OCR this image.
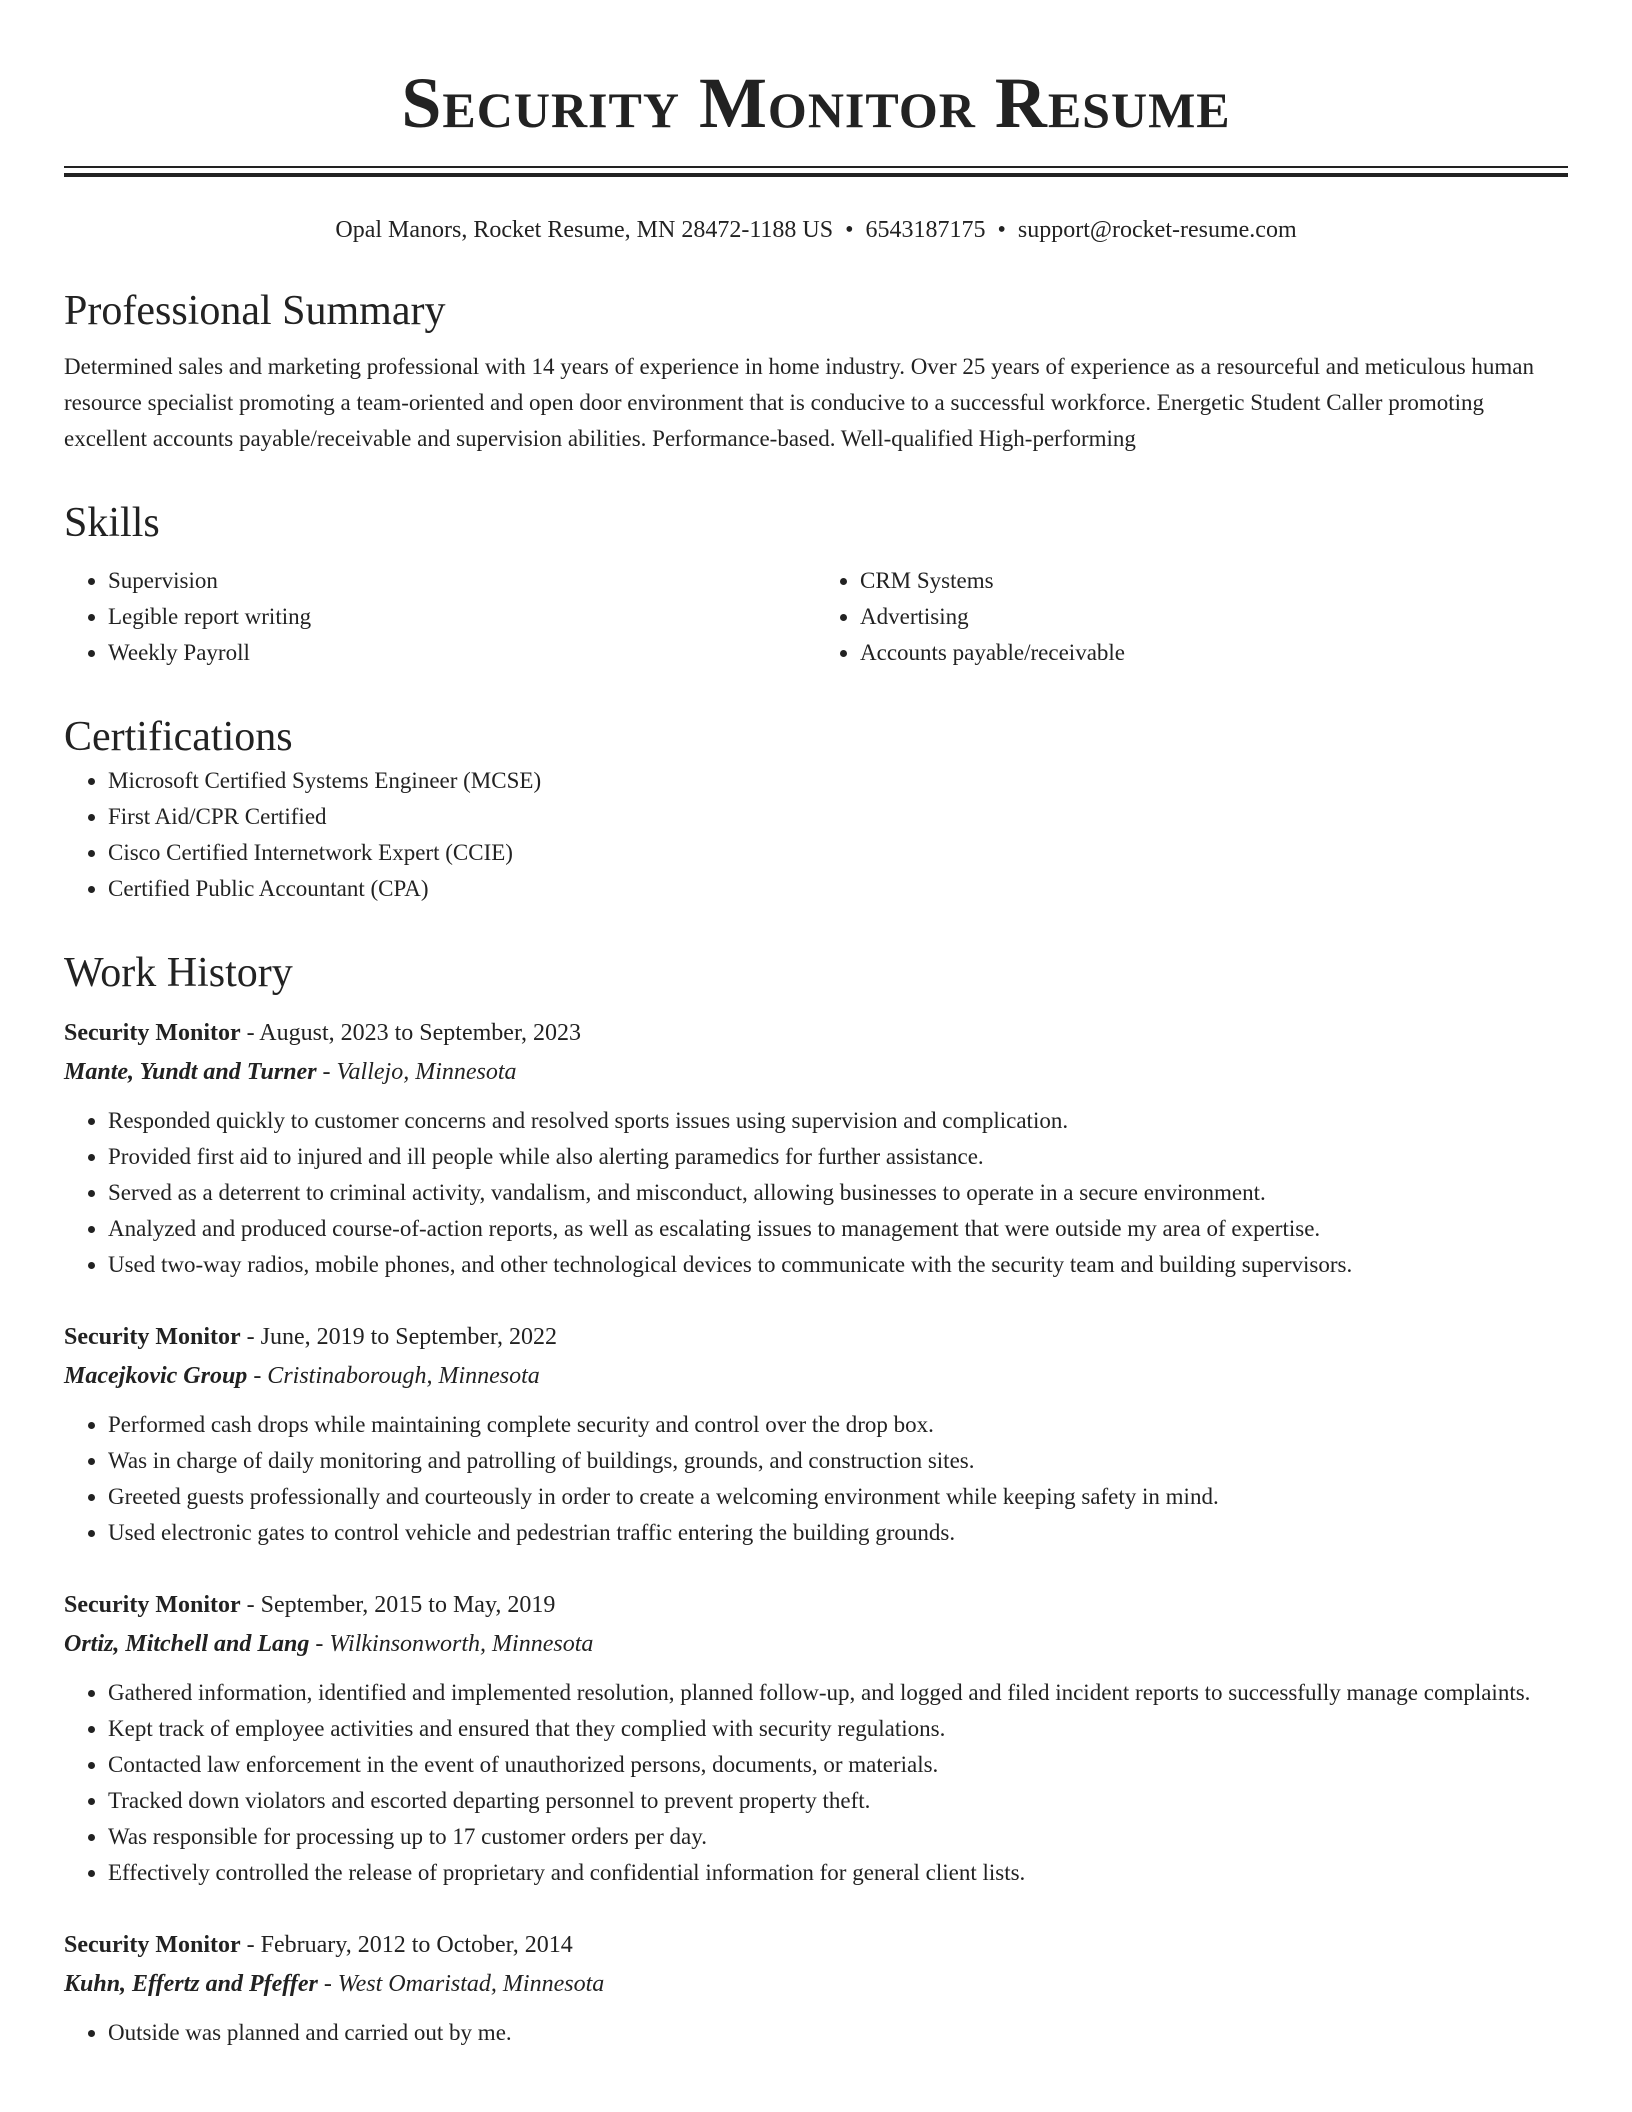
Security Monitor Resume
Opal Manors, Rocket Resume, MN 28472-1188 US • 6543187175 • support@rocket-resume.com
Professional Summary
Determined sales and marketing professional with 14 years of experience in home industry. Over 25 years of experience as a resourceful and meticulous human resource specialist promoting a team-oriented and open door environment that is conducive to a successful workforce. Energetic Student Caller promoting excellent accounts payable/receivable and supervision abilities. Performance-based. Well-qualified High-performing
Skills
• Supervision
• Legible report writing
• Weekly Payroll
• CRM Systems
• Advertising
• Accounts payable/receivable
Certifications
• Microsoft Certified Systems Engineer (MCSE)
• First Aid/CPR Certified
• Cisco Certified Internetwork Expert (CCIE)
• Certified Public Accountant (CPA)
Work History
Security Monitor - August, 2023 to September, 2023
Mante, Yundt and Turner - Vallejo, Minnesota
• Responded quickly to customer concerns and resolved sports issues using supervision and complication.
• Provided first aid to injured and ill people while also alerting paramedics for further assistance.
• Served as a deterrent to criminal activity, vandalism, and misconduct, allowing businesses to operate in a secure environment.
• Analyzed and produced course-of-action reports, as well as escalating issues to management that were outside my area of expertise.
• Used two-way radios, mobile phones, and other technological devices to communicate with the security team and building supervisors.
Security Monitor - June, 2019 to September, 2022
Macejkovic Group - Cristinaborough, Minnesota
• Performed cash drops while maintaining complete security and control over the drop box.
• Was in charge of daily monitoring and patrolling of buildings, grounds, and construction sites.
• Greeted guests professionally and courteously in order to create a welcoming environment while keeping safety in mind.
• Used electronic gates to control vehicle and pedestrian traffic entering the building grounds.
Security Monitor - September, 2015 to May, 2019
Ortiz, Mitchell and Lang - Wilkinsonworth, Minnesota
• Gathered information, identified and implemented resolution, planned follow-up, and logged and filed incident reports to successfully manage complaints.
• Kept track of employee activities and ensured that they complied with security regulations.
• Contacted law enforcement in the event of unauthorized persons, documents, or materials.
• Tracked down violators and escorted departing personnel to prevent property theft.
• Was responsible for processing up to 17 customer orders per day.
• Effectively controlled the release of proprietary and confidential information for general client lists.
Security Monitor - February, 2012 to October, 2014
Kuhn, Effertz and Pfeffer - West Omaristad, Minnesota
• Outside was planned and carried out by me.
